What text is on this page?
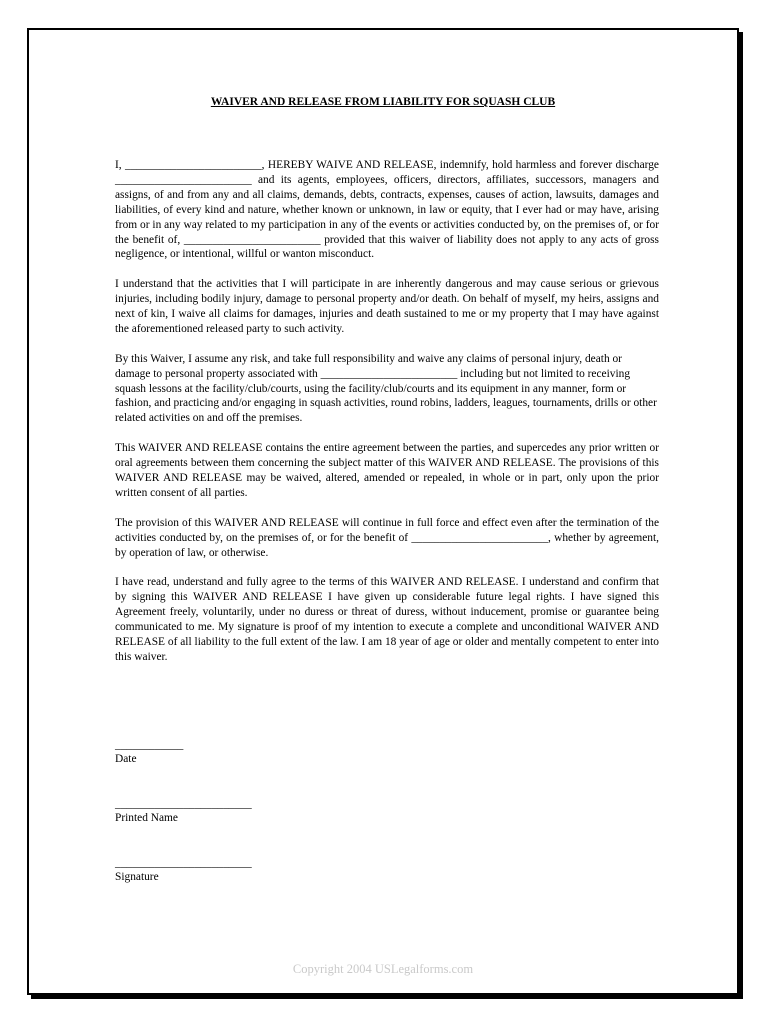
WAIVER AND RELEASE FROM LIABILITY FOR SQUASH CLUB

I, ________________________, HEREBY WAIVE AND RELEASE, indemnify, hold harmless and forever discharge ________________________ and its agents, employees, officers, directors, affiliates, successors, managers and assigns, of and from any and all claims, demands, debts, contracts, expenses, causes of action, lawsuits, damages and liabilities, of every kind and nature, whether known or unknown, in law or equity, that I ever had or may have, arising from or in any way related to my participation in any of the events or activities conducted by, on the premises of, or for the benefit of, ________________________ provided that this waiver of liability does not apply to any acts of gross negligence, or intentional, willful or wanton misconduct.

I understand that the activities that I will participate in are inherently dangerous and may cause serious or grievous injuries, including bodily injury, damage to personal property and/or death. On behalf of myself, my heirs, assigns and next of kin, I waive all claims for damages, injuries and death sustained to me or my property that I may have against the aforementioned released party to such activity.

By this Waiver, I assume any risk, and take full responsibility and waive any claims of personal injury, death or damage to personal property associated with ________________________ including but not limited to receiving squash lessons at the facility/club/courts, using the facility/club/courts and its equipment in any manner, form or fashion, and practicing and/or engaging in squash activities, round robins, ladders, leagues, tournaments, drills or other related activities on and off the premises.

This WAIVER AND RELEASE contains the entire agreement between the parties, and supercedes any prior written or oral agreements between them concerning the subject matter of this WAIVER AND RELEASE. The provisions of this WAIVER AND RELEASE may be waived, altered, amended or repealed, in whole or in part, only upon the prior written consent of all parties.

The provision of this WAIVER AND RELEASE will continue in full force and effect even after the termination of the activities conducted by, on the premises of, or for the benefit of ________________________, whether by agreement, by operation of law, or otherwise.

I have read, understand and fully agree to the terms of this WAIVER AND RELEASE. I understand and confirm that by signing this WAIVER AND RELEASE I have given up considerable future legal rights. I have signed this Agreement freely, voluntarily, under no duress or threat of duress, without inducement, promise or guarantee being communicated to me. My signature is proof of my intention to execute a complete and unconditional WAIVER AND RELEASE of all liability to the full extent of the law. I am 18 year of age or older and mentally competent to enter into this waiver.

____________
Date
________________________
Printed Name
________________________
Signature
Copyright 2004 USLegalforms.com
